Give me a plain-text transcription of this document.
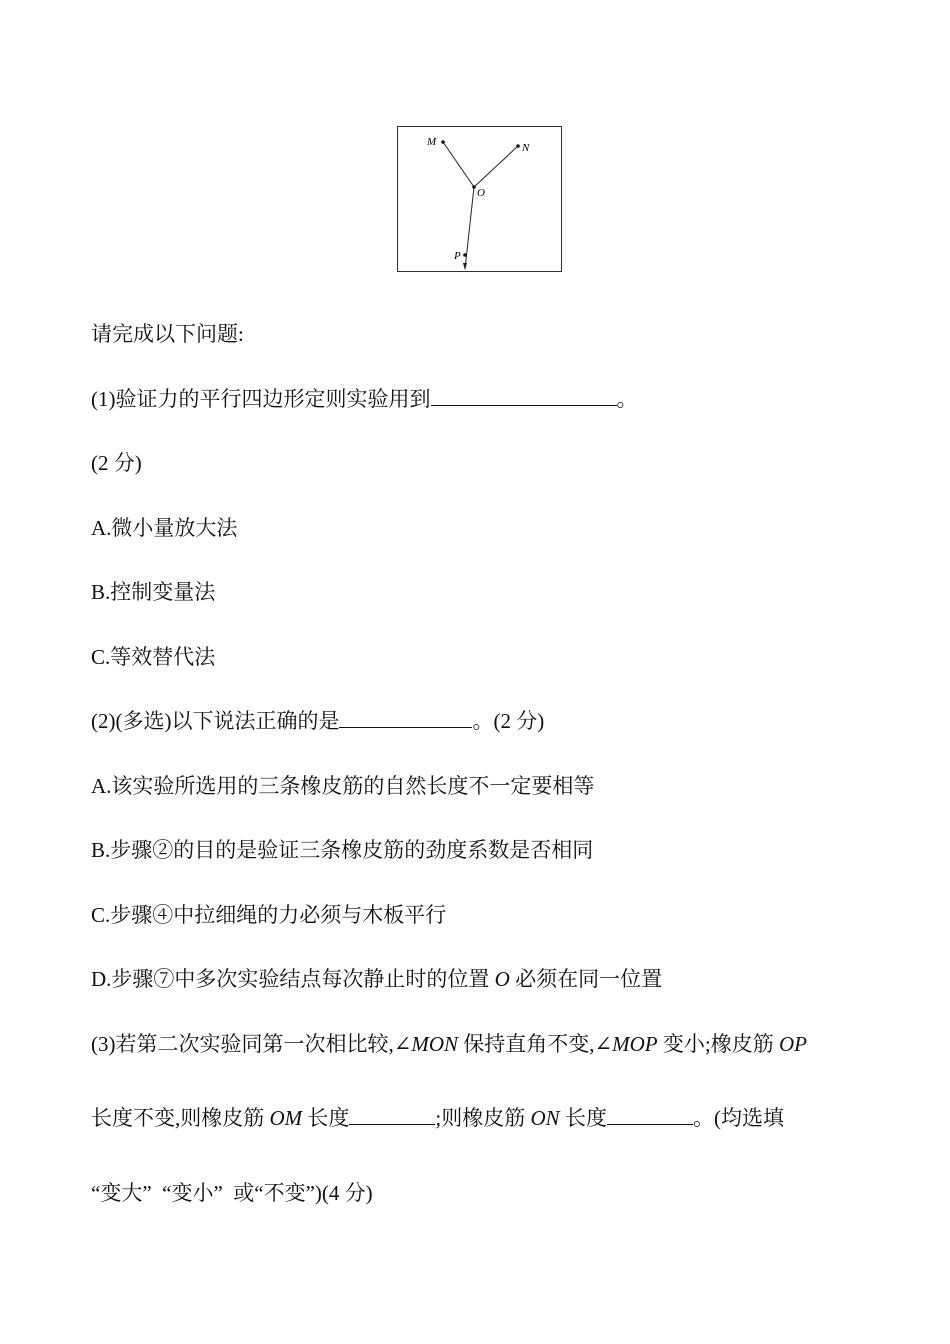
M	N
O
P
请完成以下问题:
(1)验证力的平行四边形定则实验用到	。
(2 分)
A.微小量放大法
B.控制变量法
C.等效替代法
(2)(多选)以下说法正确的是	。(2 分)
A.该实验所选用的三条橡皮筋的自然长度不一定要相等
B.步骤②的目的是验证三条橡皮筋的劲度系数是否相同
C.步骤④中拉细绳的力必须与木板平行
D.步骤⑦中多次实验结点每次静止时的位置 O 必须在同一位置
(3)若第二次实验同第一次相比较,∠MON 保持直角不变,∠MOP 变小;橡皮筋 OP
长度不变,则橡皮筋 OM 长度	;则橡皮筋 ON 长度	。(均选填
“变大”  “变小”  或“不变”)(4 分)
